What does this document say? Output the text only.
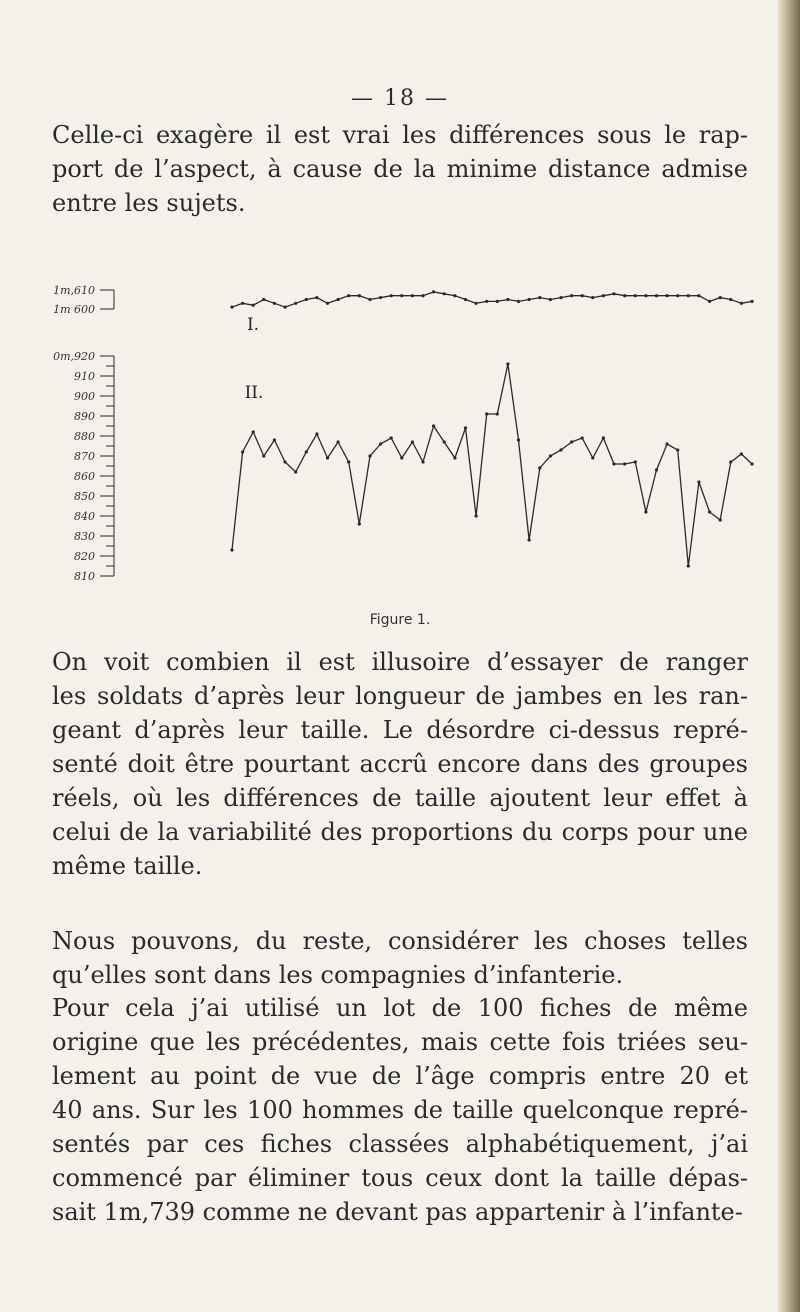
— 18 —

Celle-ci exagère il est vrai les différences sous le rap-
port de l’aspect, à cause de la minime distance admise
entre les sujets.

1m,610
1m 600
0m,920
910
900
890
880
870
860
850
840
830
820
810
I.
II.
Figure 1.

On voit combien il est illusoire d’essayer de ranger
les soldats d’après leur longueur de jambes en les ran-
geant d’après leur taille. Le désordre ci-dessus repré-
senté doit être pourtant accrû encore dans des groupes
réels, où les différences de taille ajoutent leur effet à
celui de la variabilité des proportions du corps pour une
même taille.

Nous pouvons, du reste, considérer les choses telles
qu’elles sont dans les compagnies d’infanterie.

Pour cela j’ai utilisé un lot de 100 fiches de même
origine que les précédentes, mais cette fois triées seu-
lement au point de vue de l’âge compris entre 20 et
40 ans. Sur les 100 hommes de taille quelconque repré-
sentés par ces fiches classées alphabétiquement, j’ai
commencé par éliminer tous ceux dont la taille dépas-
sait 1m,739 comme ne devant pas appartenir à l’infante-
